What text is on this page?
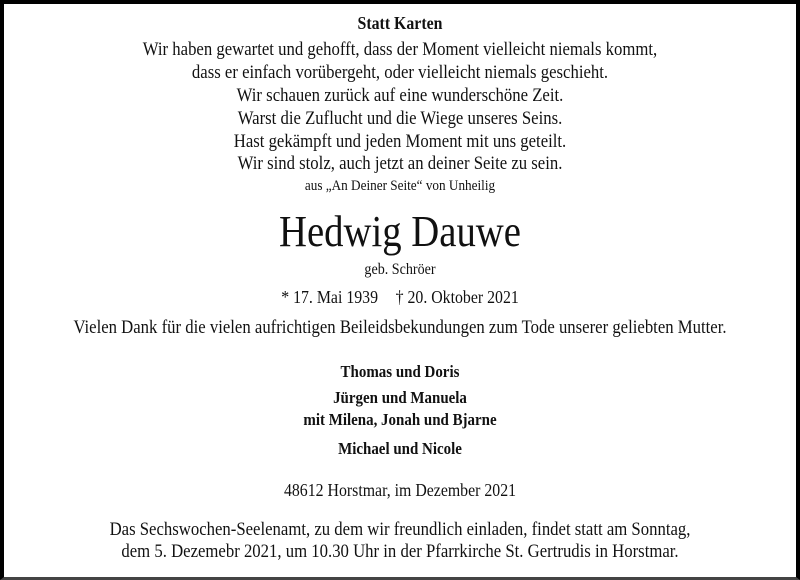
Statt Karten
Wir haben gewartet und gehofft, dass der Moment vielleicht niemals kommt,
dass er einfach vorübergeht, oder vielleicht niemals geschieht.
Wir schauen zurück auf eine wunderschöne Zeit.
Warst die Zuflucht und die Wiege unseres Seins.
Hast gekämpft und jeden Moment mit uns geteilt.
Wir sind stolz, auch jetzt an deiner Seite zu sein.
aus „An Deiner Seite“ von Unheilig
Hedwig Dauwe
geb. Schröer
* 17. Mai 1939 † 20. Oktober 2021
Vielen Dank für die vielen aufrichtigen Beileidsbekundungen zum Tode unserer geliebten Mutter.
Thomas und Doris
Jürgen und Manuela
mit Milena, Jonah und Bjarne
Michael und Nicole
48612 Horstmar, im Dezember 2021
Das Sechswochen-Seelenamt, zu dem wir freundlich einladen, findet statt am Sonntag,
dem 5. Dezemebr 2021, um 10.30 Uhr in der Pfarrkirche St. Gertrudis in Horstmar.
